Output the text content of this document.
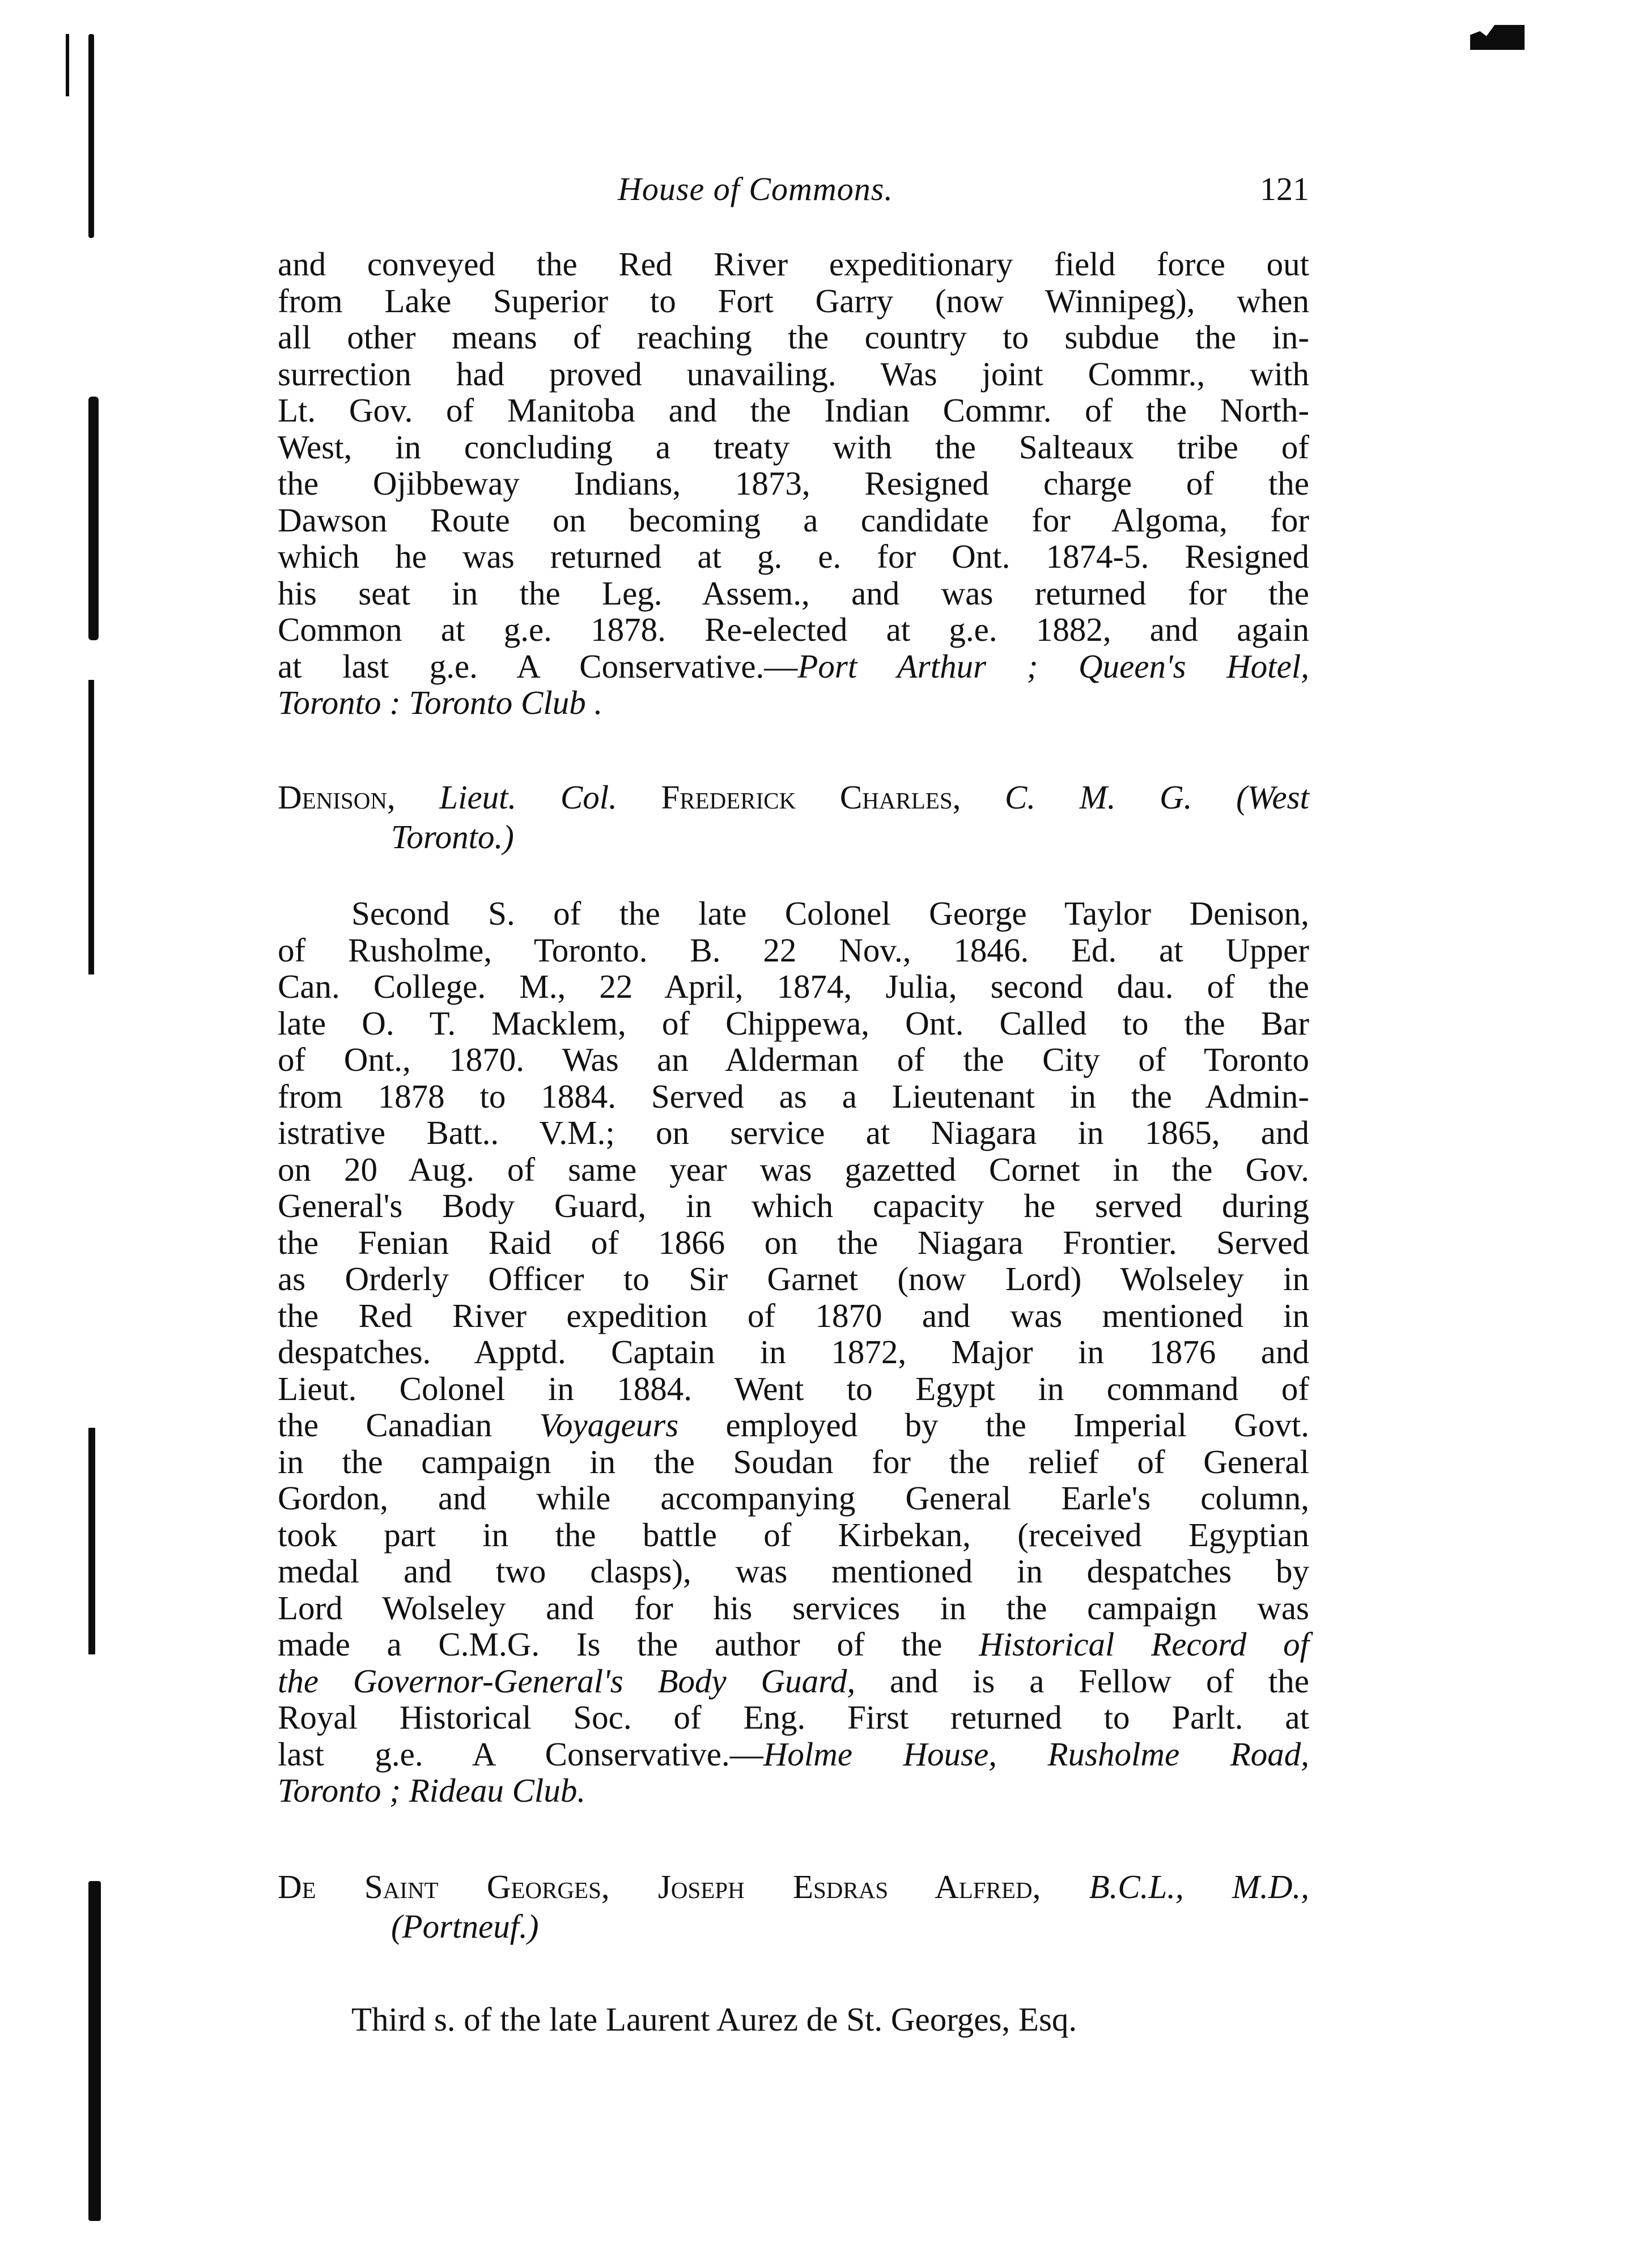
House of Commons.	121
and conveyed the Red River expeditionary field force out
from Lake Superior to Fort Garry (now Winnipeg), when
all other means of reaching the country to subdue the in-
surrection had proved unavailing. Was joint Commr., with
Lt. Gov. of Manitoba and the Indian Commr. of the North-
West, in concluding a treaty with the Salteaux tribe of
the Ojibbeway Indians, 1873, Resigned charge of the
Dawson Route on becoming a candidate for Algoma, for
which he was returned at g. e. for Ont. 1874-5. Resigned
his seat in the Leg. Assem., and was returned for the
Common at g.e. 1878. Re-elected at g.e. 1882, and again
at last g.e. A Conservative.—Port Arthur ; Queen's Hotel,
Toronto : Toronto Club .
Denison, Lieut. Col. Frederick Charles, C. M. G. (West
Toronto.)
Second S. of the late Colonel George Taylor Denison,
of Rusholme, Toronto. B. 22 Nov., 1846. Ed. at Upper
Can. College. M., 22 April, 1874, Julia, second dau. of the
late O. T. Macklem, of Chippewa, Ont. Called to the Bar
of Ont., 1870. Was an Alderman of the City of Toronto
from 1878 to 1884. Served as a Lieutenant in the Admin-
istrative Batt.. V.M.; on service at Niagara in 1865, and
on 20 Aug. of same year was gazetted Cornet in the Gov.
General's Body Guard, in which capacity he served during
the Fenian Raid of 1866 on the Niagara Frontier. Served
as Orderly Officer to Sir Garnet (now Lord) Wolseley in
the Red River expedition of 1870 and was mentioned in
despatches. Apptd. Captain in 1872, Major in 1876 and
Lieut. Colonel in 1884. Went to Egypt in command of
the Canadian Voyageurs employed by the Imperial Govt.
in the campaign in the Soudan for the relief of General
Gordon, and while accompanying General Earle's column,
took part in the battle of Kirbekan, (received Egyptian
medal and two clasps), was mentioned in despatches by
Lord Wolseley and for his services in the campaign was
made a C.M.G. Is the author of the Historical Record of
the Governor-General's Body Guard, and is a Fellow of the
Royal Historical Soc. of Eng. First returned to Parlt. at
last g.e. A Conservative.—Holme House, Rusholme Road,
Toronto ; Rideau Club.
De Saint Georges, Joseph Esdras Alfred, B.C.L., M.D.,
(Portneuf.)
Third s. of the late Laurent Aurez de St. Georges, Esq.
